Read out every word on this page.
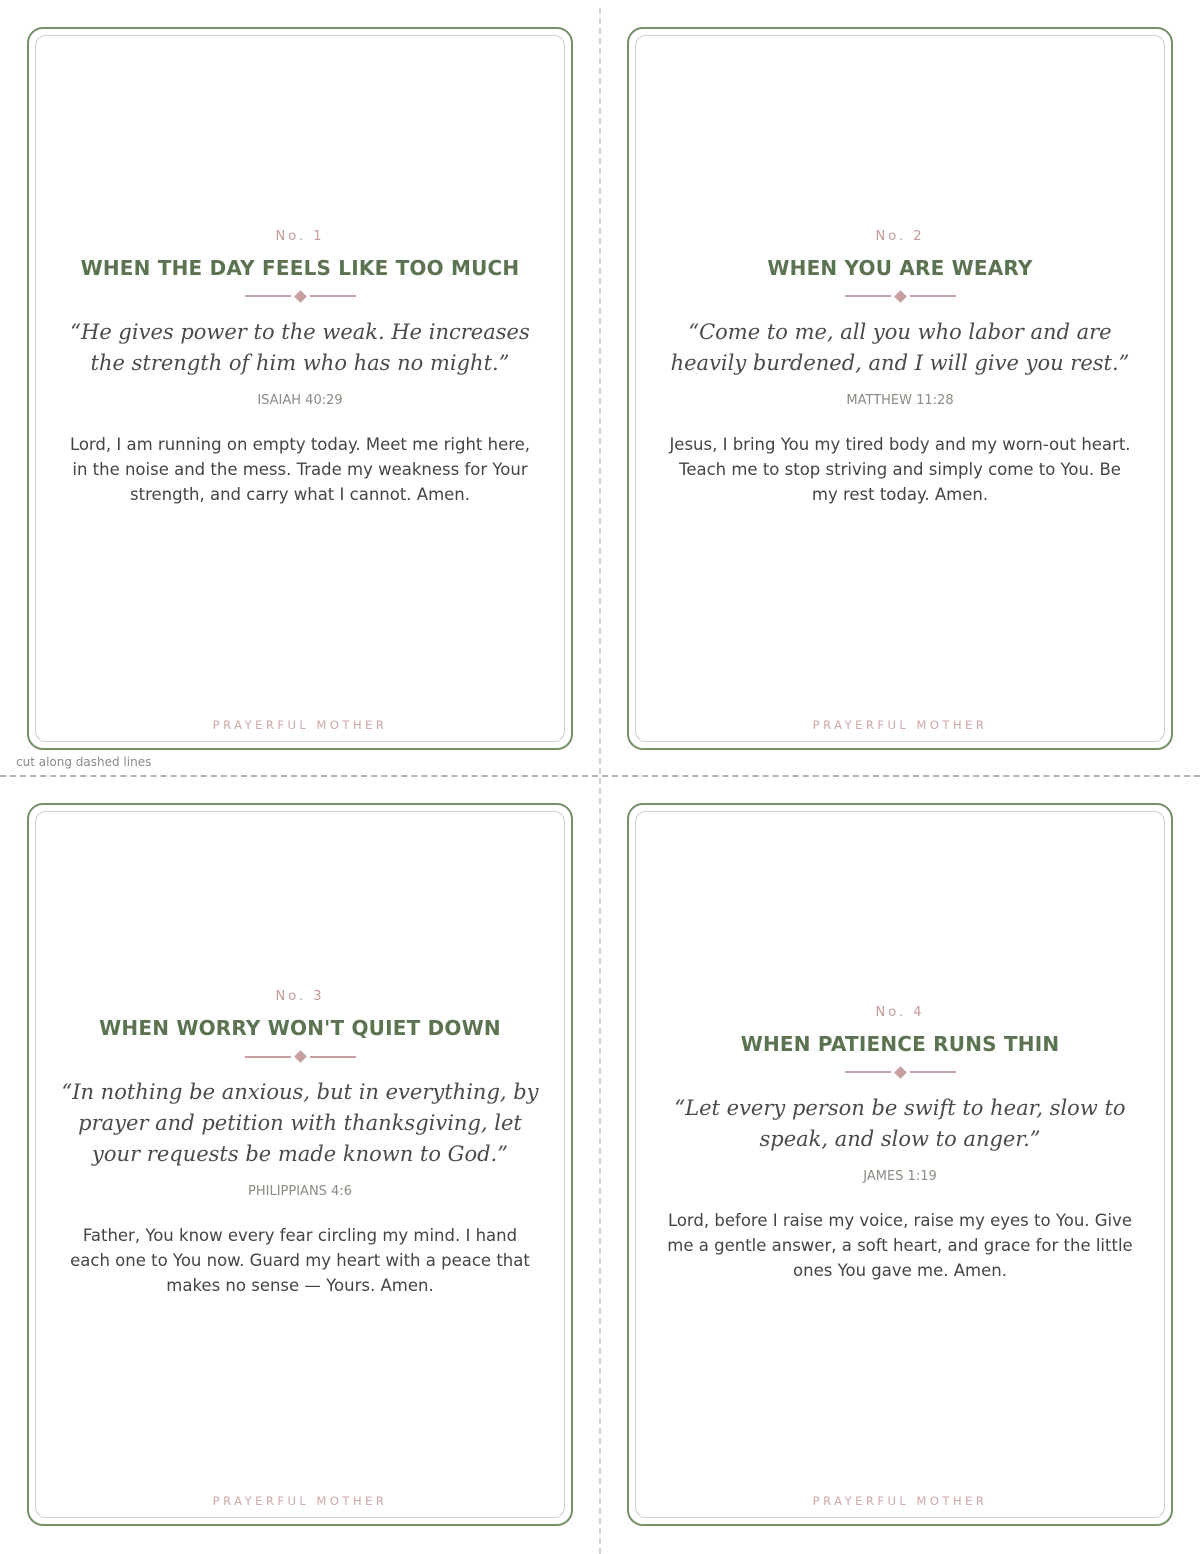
cut along dashed lines
No. 1
WHEN THE DAY FEELS LIKE TOO MUCH
“He gives power to the weak. He increases the strength of him who has no might.”
ISAIAH 40:29
Lord, I am running on empty today. Meet me right here, in the noise and the mess. Trade my weakness for Your strength, and carry what I cannot. Amen.
PRAYERFUL MOTHER
No. 2
WHEN YOU ARE WEARY
“Come to me, all you who labor and are heavily burdened, and I will give you rest.”
MATTHEW 11:28
Jesus, I bring You my tired body and my worn-out heart. Teach me to stop striving and simply come to You. Be my rest today. Amen.
PRAYERFUL MOTHER
No. 3
WHEN WORRY WON'T QUIET DOWN
“In nothing be anxious, but in everything, by prayer and petition with thanksgiving, let your requests be made known to God.”
PHILIPPIANS 4:6
Father, You know every fear circling my mind. I hand each one to You now. Guard my heart with a peace that makes no sense — Yours. Amen.
PRAYERFUL MOTHER
No. 4
WHEN PATIENCE RUNS THIN
“Let every person be swift to hear, slow to speak, and slow to anger.”
JAMES 1:19
Lord, before I raise my voice, raise my eyes to You. Give me a gentle answer, a soft heart, and grace for the little ones You gave me. Amen.
PRAYERFUL MOTHER
